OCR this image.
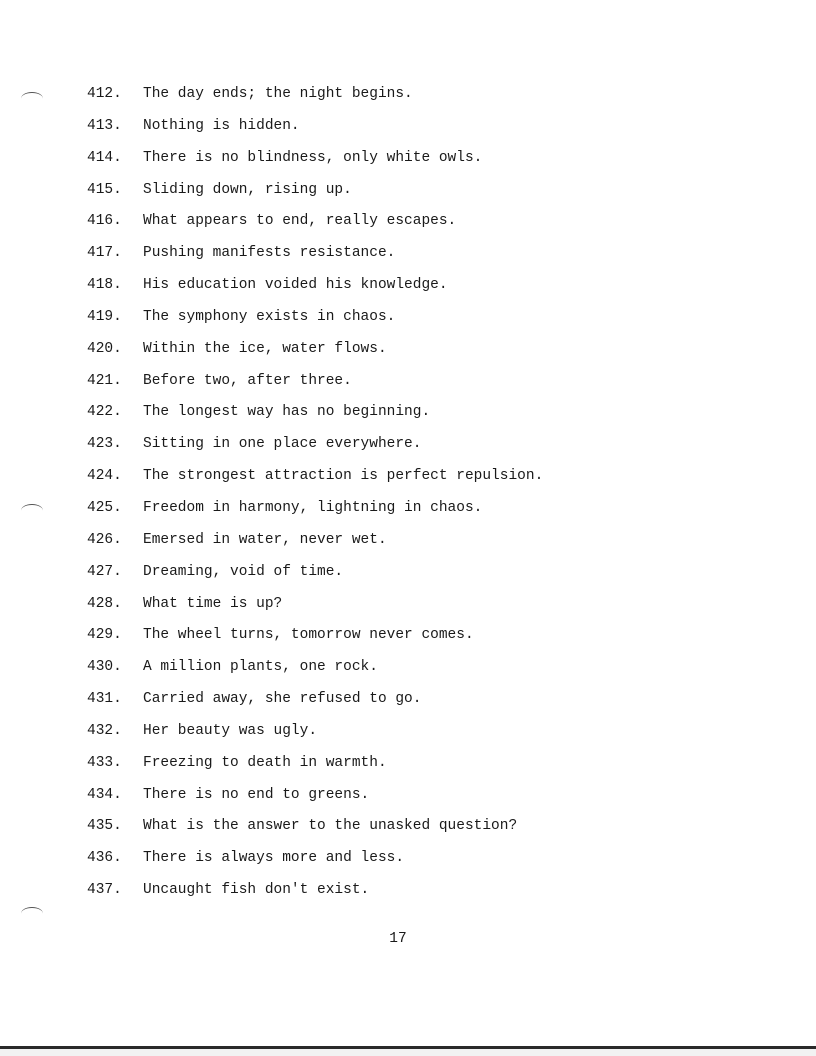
412. The day ends; the night begins.
413. Nothing is hidden.
414. There is no blindness, only white owls.
415. Sliding down, rising up.
416. What appears to end, really escapes.
417. Pushing manifests resistance.
418. His education voided his knowledge.
419. The symphony exists in chaos.
420. Within the ice, water flows.
421. Before two, after three.
422. The longest way has no beginning.
423. Sitting in one place everywhere.
424. The strongest attraction is perfect repulsion.
425. Freedom in harmony, lightning in chaos.
426. Emersed in water, never wet.
427. Dreaming, void of time.
428. What time is up?
429. The wheel turns, tomorrow never comes.
430. A million plants, one rock.
431. Carried away, she refused to go.
432. Her beauty was ugly.
433. Freezing to death in warmth.
434. There is no end to greens.
435. What is the answer to the unasked question?
436. There is always more and less.
437. Uncaught fish don't exist.
17
